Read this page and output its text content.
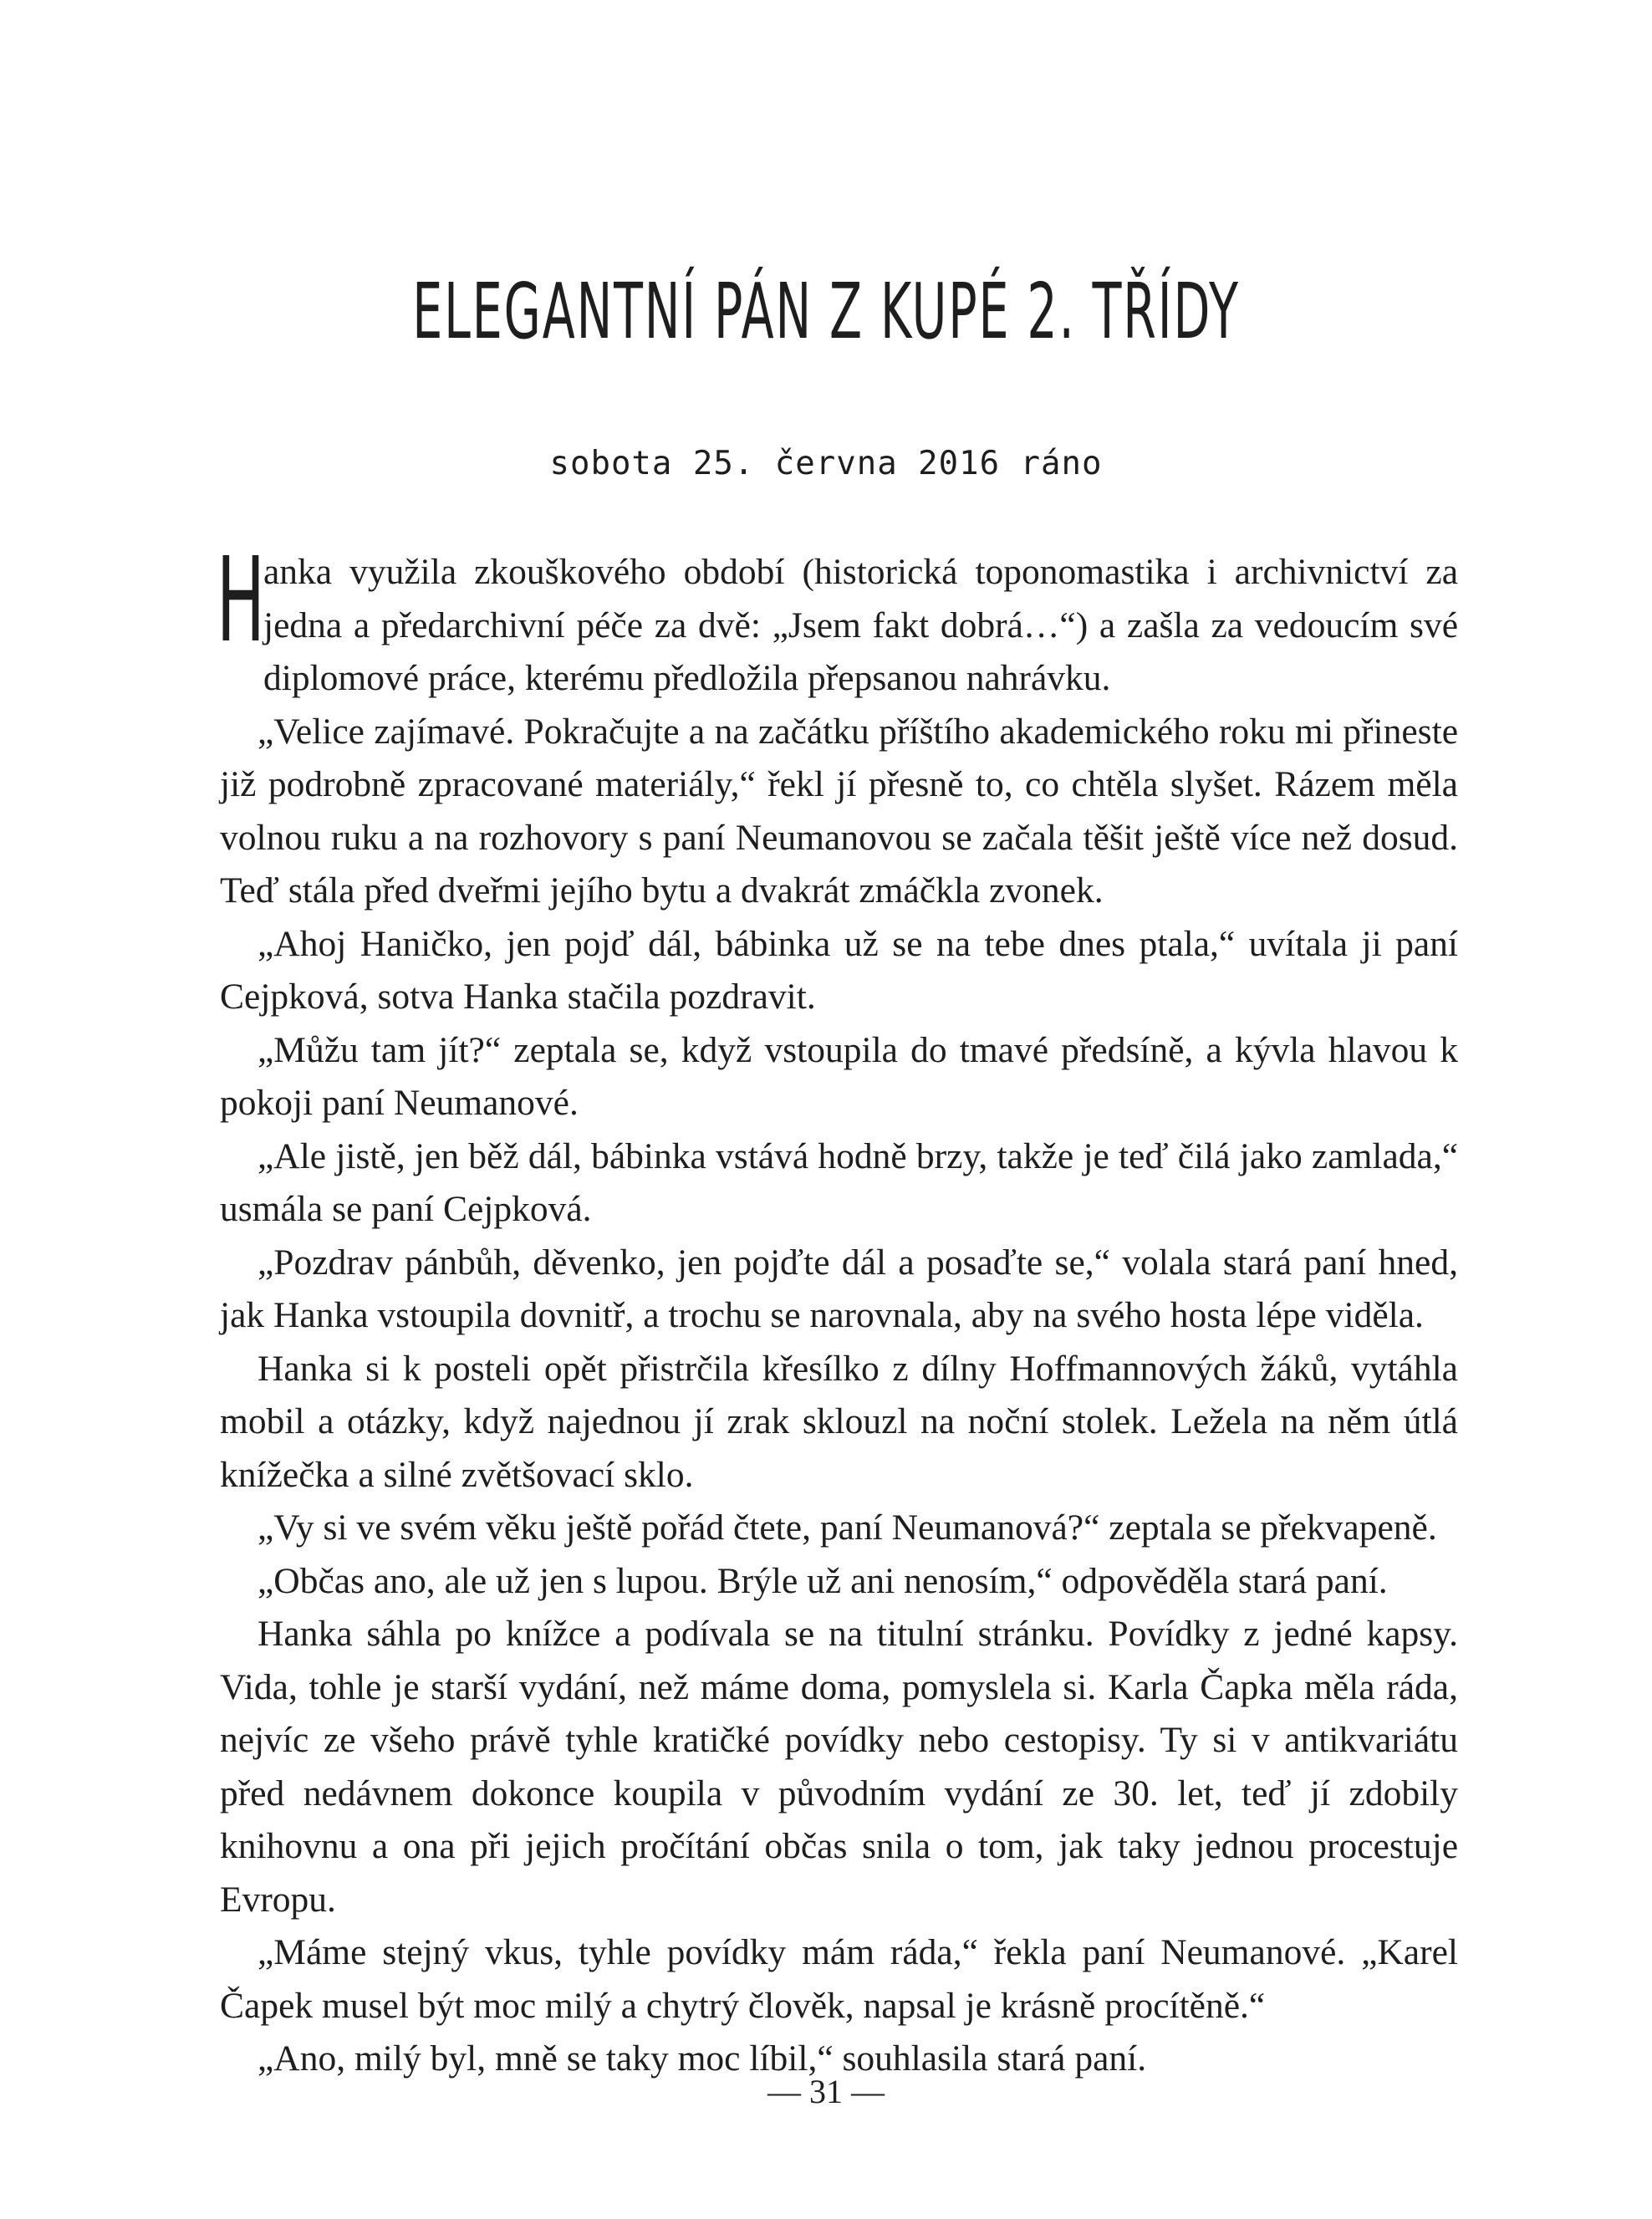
ELEGANTNÍ PÁN Z KUPÉ 2. TŘÍDY
sobota 25. června 2016 ráno

H
anka využila zkouškového období (historická toponomastika i archivnictví za jedna a předarchivní péče za dvě: „Jsem fakt dobrá…“) a zašla za vedoucím své diplomové práce, kterému předložila přepsanou nahrávku.

„Velice zajímavé. Pokračujte a na začátku příštího akademického roku mi přineste již podrobně zpracované materiály,“ řekl jí přesně to, co chtěla slyšet. Rázem měla volnou ruku a na rozhovory s paní Neumanovou se začala těšit ještě více než dosud. Teď stála před dveřmi jejího bytu a dvakrát zmáčkla zvonek.

„Ahoj Haničko, jen pojď dál, bábinka už se na tebe dnes ptala,“ uvítala ji paní Cejpková, sotva Hanka stačila pozdravit.

„Můžu tam jít?“ zeptala se, když vstoupila do tmavé předsíně, a kývla hlavou k pokoji paní Neumanové.

„Ale jistě, jen běž dál, bábinka vstává hodně brzy, takže je teď čilá jako zamlada,“ usmála se paní Cejpková.

„Pozdrav pánbůh, děvenko, jen pojďte dál a posaďte se,“ volala stará paní hned, jak Hanka vstoupila dovnitř, a trochu se narovnala, aby na svého hosta lépe viděla.

Hanka si k posteli opět přistrčila křesílko z dílny Hoffmannových žáků, vytáhla mobil a otázky, když najednou jí zrak sklouzl na noční stolek. Ležela na něm útlá knížečka a silné zvětšovací sklo.

„Vy si ve svém věku ještě pořád čtete, paní Neumanová?“ zeptala se překvapeně.

„Občas ano, ale už jen s lupou. Brýle už ani nenosím,“ odpověděla stará paní.

Hanka sáhla po knížce a podívala se na titulní stránku. Povídky z jedné kapsy. Vida, tohle je starší vydání, než máme doma, pomyslela si. Karla Čapka měla ráda, nejvíc ze všeho právě tyhle kratičké povídky nebo cestopisy. Ty si v antikvariátu před nedávnem dokonce koupila v původním vydání ze 30. let, teď jí zdobily knihovnu a ona při jejich pročítání občas snila o tom, jak taky jednou procestuje Evropu.

„Máme stejný vkus, tyhle povídky mám ráda,“ řekla paní Neumanové. „Karel Čapek musel být moc milý a chytrý člověk, napsal je krásně procítěně.“

„Ano, milý byl, mně se taky moc líbil,“ souhlasila stará paní.

— 31 —
